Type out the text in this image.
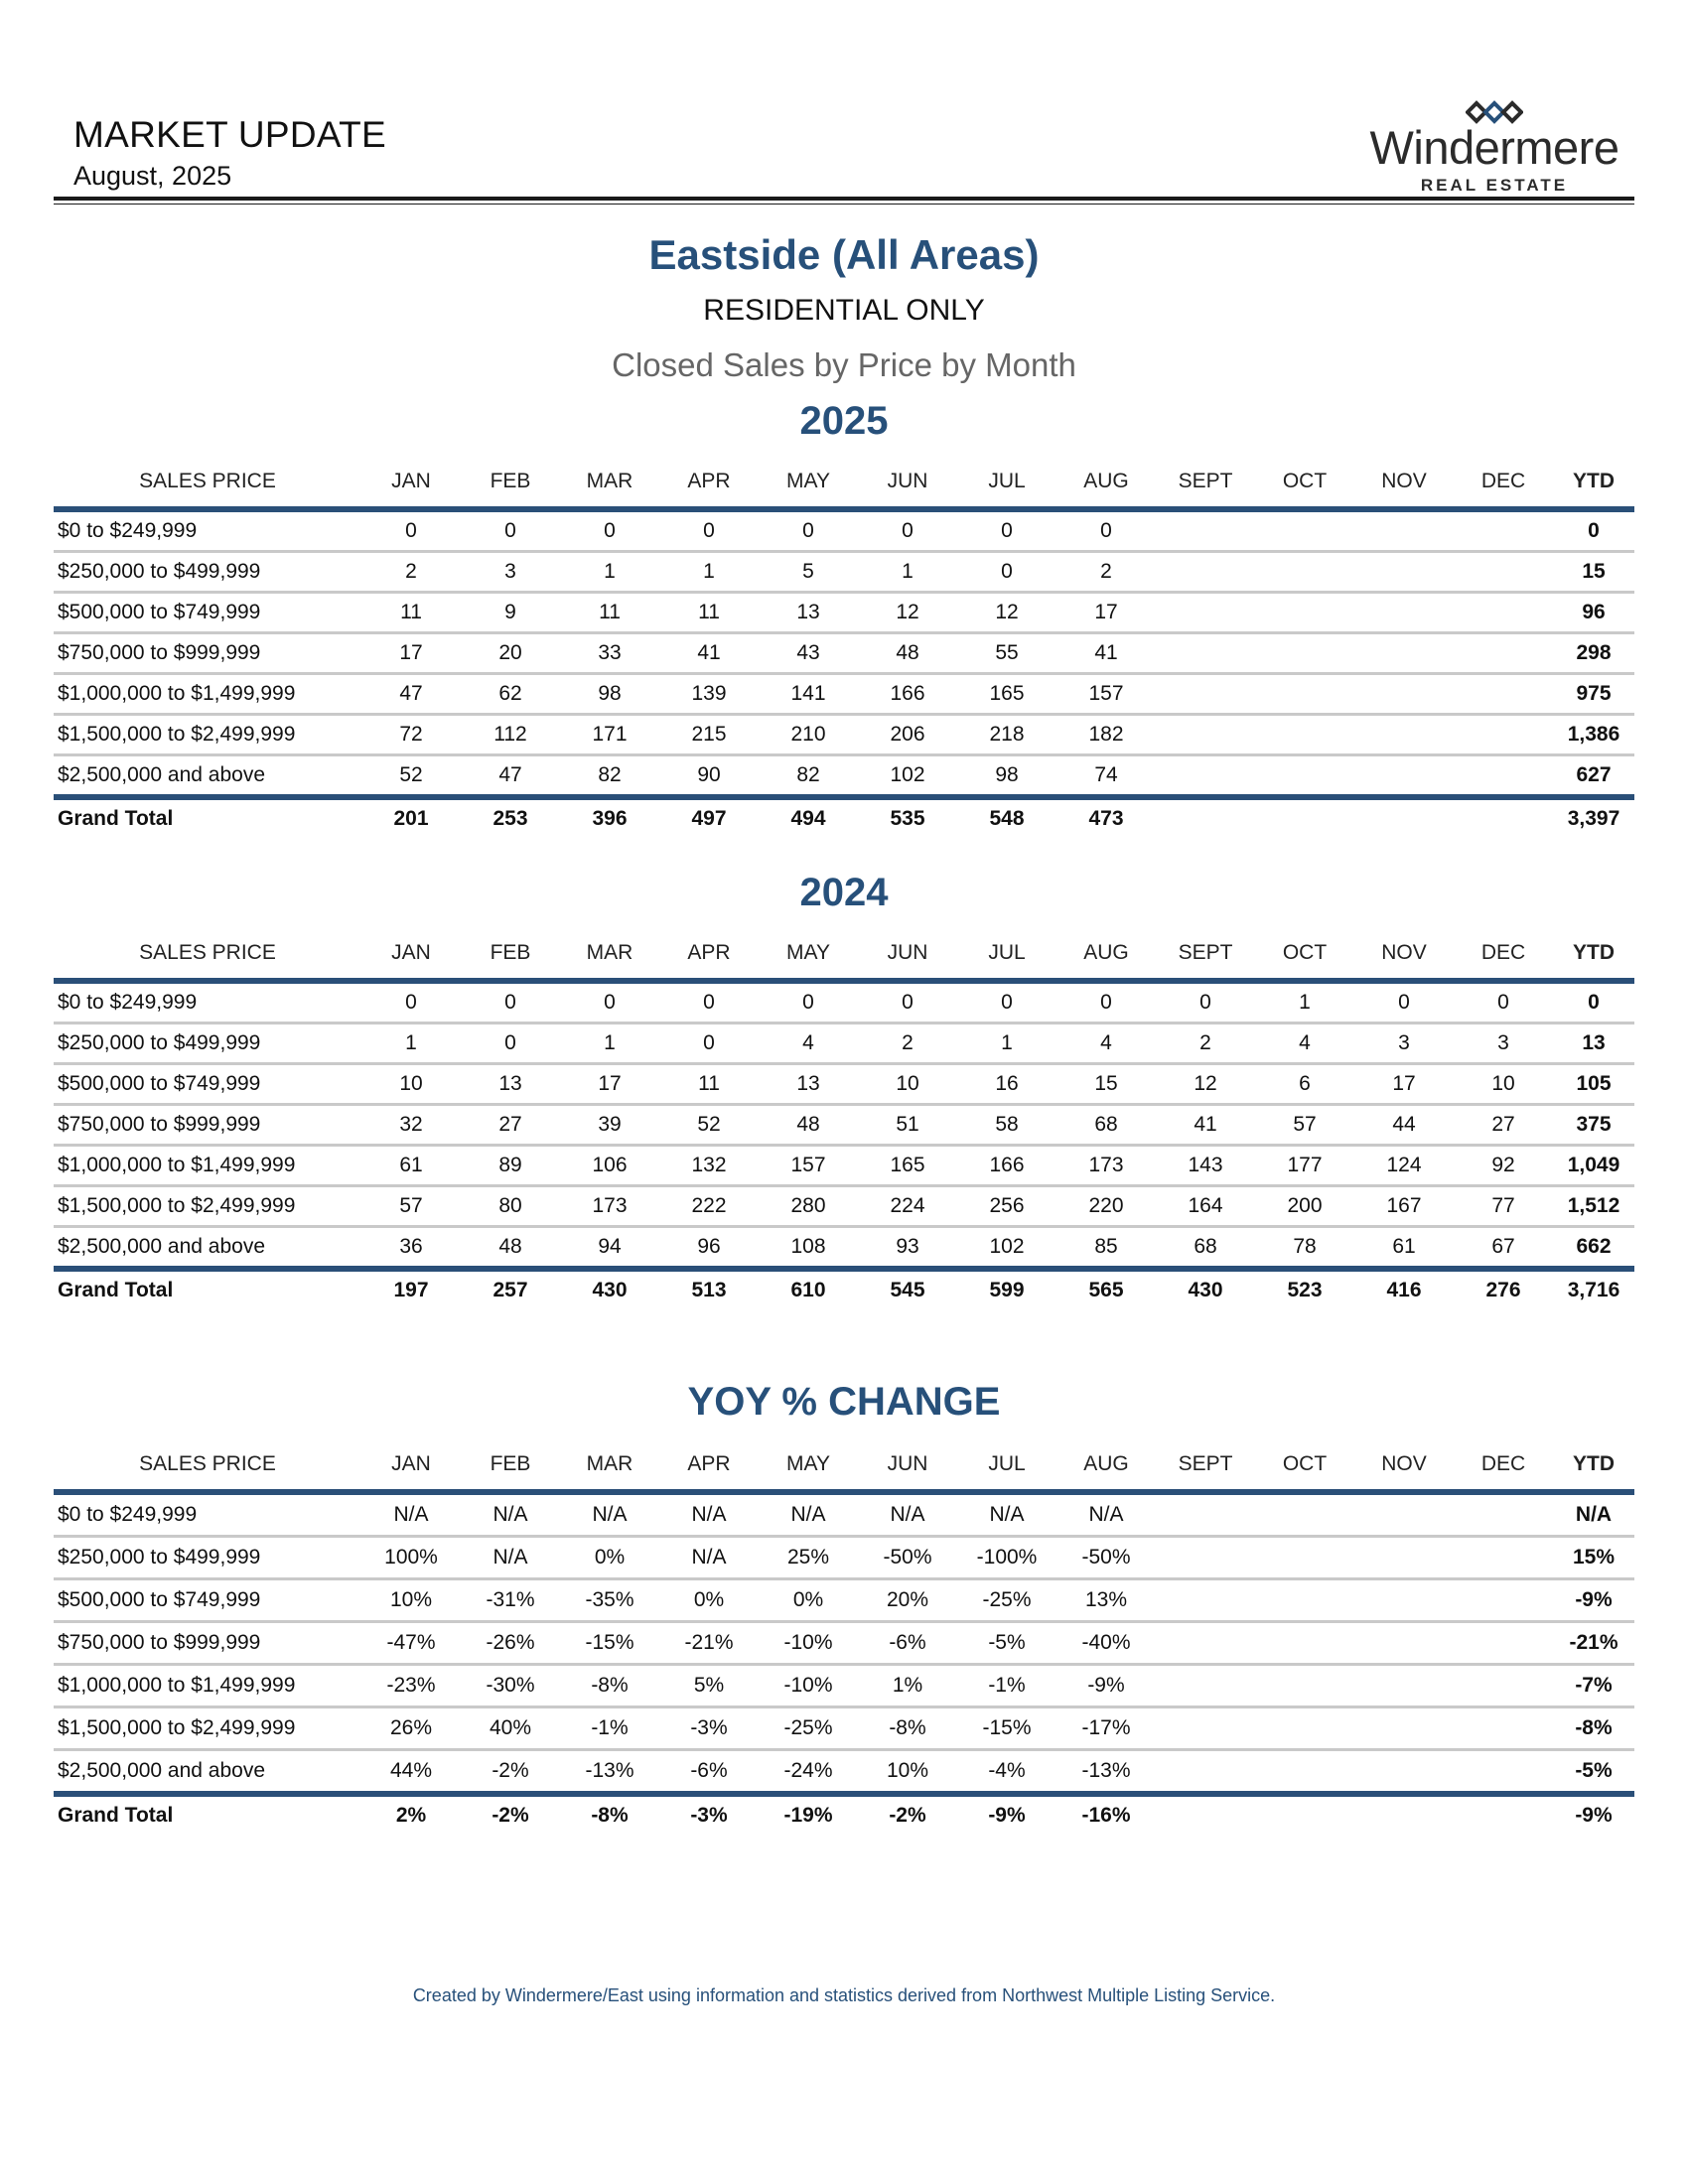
MARKET UPDATE
August, 2025
Windermere
REAL ESTATE
Eastside (All Areas)
RESIDENTIAL ONLY
Closed Sales by Price by Month
2025
SALES PRICE	JAN	FEB	MAR	APR	MAY	JUN	JUL	AUG	SEPT	OCT	NOV	DEC	YTD
$0 to $249,999	0	0	0	0	0	0	0	0					0
$250,000 to $499,999	2	3	1	1	5	1	0	2					15
$500,000 to $749,999	11	9	11	11	13	12	12	17					96
$750,000 to $999,999	17	20	33	41	43	48	55	41					298
$1,000,000 to $1,499,999	47	62	98	139	141	166	165	157					975
$1,500,000 to $2,499,999	72	112	171	215	210	206	218	182					1,386
$2,500,000 and above	52	47	82	90	82	102	98	74					627
Grand Total	201	253	396	497	494	535	548	473					3,397
2024
SALES PRICE	JAN	FEB	MAR	APR	MAY	JUN	JUL	AUG	SEPT	OCT	NOV	DEC	YTD
$0 to $249,999	0	0	0	0	0	0	0	0	0	1	0	0	0
$250,000 to $499,999	1	0	1	0	4	2	1	4	2	4	3	3	13
$500,000 to $749,999	10	13	17	11	13	10	16	15	12	6	17	10	105
$750,000 to $999,999	32	27	39	52	48	51	58	68	41	57	44	27	375
$1,000,000 to $1,499,999	61	89	106	132	157	165	166	173	143	177	124	92	1,049
$1,500,000 to $2,499,999	57	80	173	222	280	224	256	220	164	200	167	77	1,512
$2,500,000 and above	36	48	94	96	108	93	102	85	68	78	61	67	662
Grand Total	197	257	430	513	610	545	599	565	430	523	416	276	3,716
YOY % CHANGE
SALES PRICE	JAN	FEB	MAR	APR	MAY	JUN	JUL	AUG	SEPT	OCT	NOV	DEC	YTD
$0 to $249,999	N/A	N/A	N/A	N/A	N/A	N/A	N/A	N/A					N/A
$250,000 to $499,999	100%	N/A	0%	N/A	25%	-50%	-100%	-50%					15%
$500,000 to $749,999	10%	-31%	-35%	0%	0%	20%	-25%	13%					-9%
$750,000 to $999,999	-47%	-26%	-15%	-21%	-10%	-6%	-5%	-40%					-21%
$1,000,000 to $1,499,999	-23%	-30%	-8%	5%	-10%	1%	-1%	-9%					-7%
$1,500,000 to $2,499,999	26%	40%	-1%	-3%	-25%	-8%	-15%	-17%					-8%
$2,500,000 and above	44%	-2%	-13%	-6%	-24%	10%	-4%	-13%					-5%
Grand Total	2%	-2%	-8%	-3%	-19%	-2%	-9%	-16%					-9%
Created by Windermere/East using information and statistics derived from Northwest Multiple Listing Service.
